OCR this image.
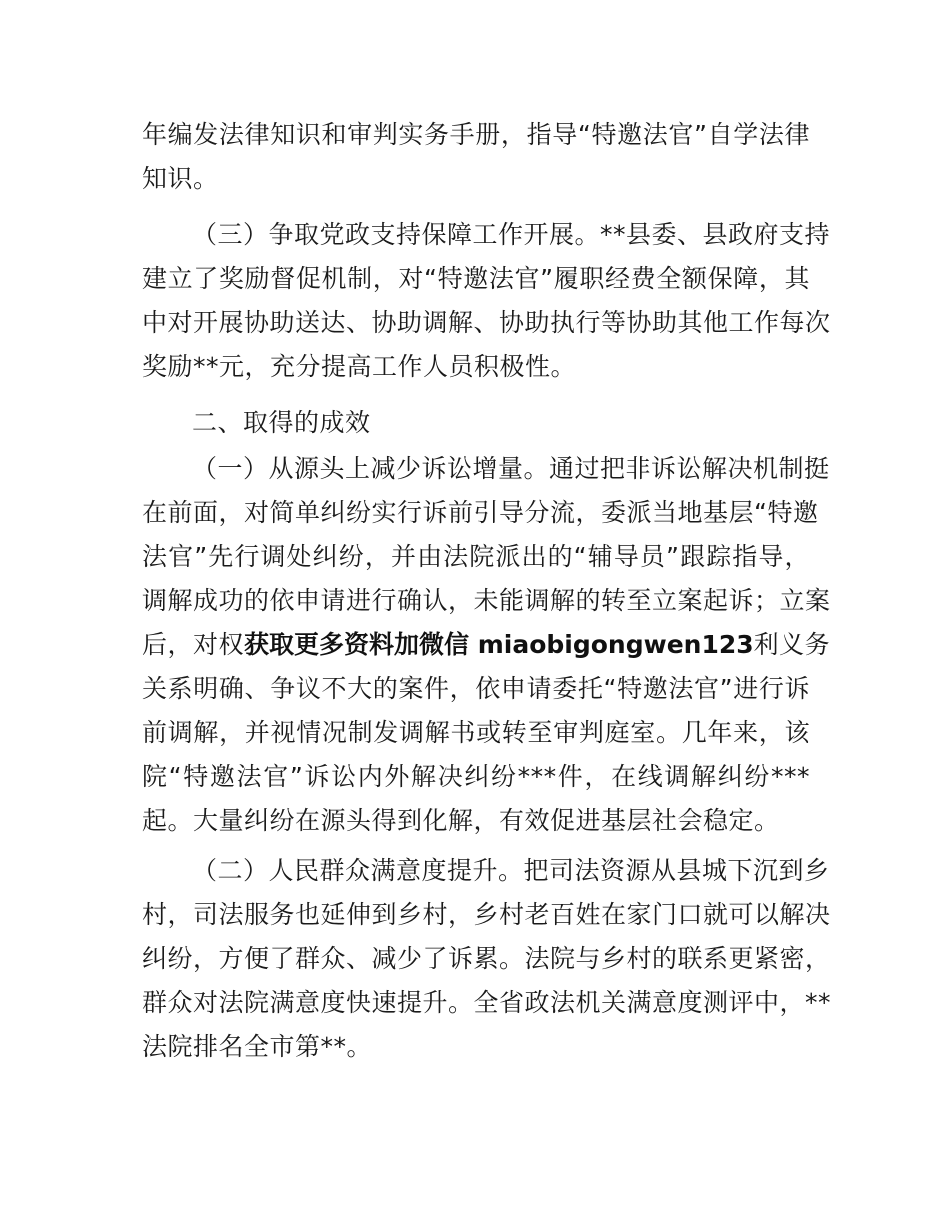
年编发法律知识和审判实务手册，指导“特邀法官”自学法律
知识。
（三）争取党政支持保障工作开展。**县委、县政府支持
建立了奖励督促机制，对“特邀法官”履职经费全额保障，其
中对开展协助送达、协助调解、协助执行等协助其他工作每次
奖励**元，充分提高工作人员积极性。
二、取得的成效
（一）从源头上减少诉讼增量。通过把非诉讼解决机制挺
在前面，对简单纠纷实行诉前引导分流，委派当地基层“特邀
法官”先行调处纠纷，并由法院派出的“辅导员”跟踪指导，
调解成功的依申请进行确认，未能调解的转至立案起诉；立案
后，对权获取更多资料加微信 miaobigongwen123利义务
关系明确、争议不大的案件，依申请委托“特邀法官”进行诉
前调解，并视情况制发调解书或转至审判庭室。几年来，该
院“特邀法官”诉讼内外解决纠纷***件，在线调解纠纷***
起。大量纠纷在源头得到化解，有效促进基层社会稳定。
（二）人民群众满意度提升。把司法资源从县城下沉到乡
村，司法服务也延伸到乡村，乡村老百姓在家门口就可以解决
纠纷，方便了群众、减少了诉累。法院与乡村的联系更紧密，
群众对法院满意度快速提升。全省政法机关满意度测评中，**
法院排名全市第**。
